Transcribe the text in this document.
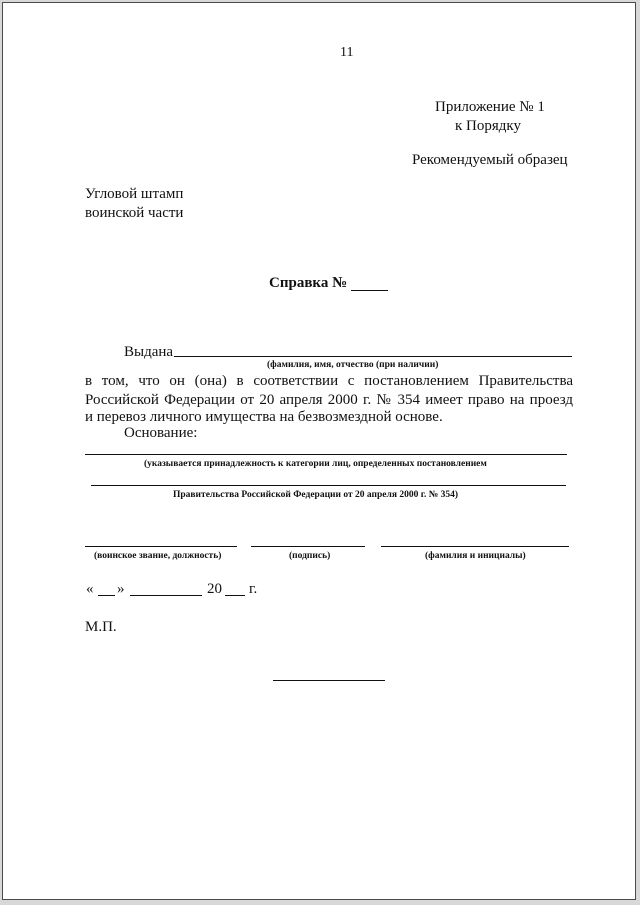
11
Приложение № 1
к Порядку
Рекомендуемый образец
Угловой штамп
воинской части
Справка №
Выдана
(фамилия, имя, отчество (при наличии)
в том, что он (она) в соответствии с постановлением Правительства
Российской Федерации от 20 апреля 2000 г. № 354 имеет право на проезд
и перевоз личного имущества на безвозмездной основе.
Основание:
(указывается принадлежность к категории лиц, определенных постановлением
Правительства Российской Федерации от 20 апреля 2000 г. № 354)
(воинское звание, должность)	(подпись)	(фамилия и инициалы)
« »	20 г.
М.П.
